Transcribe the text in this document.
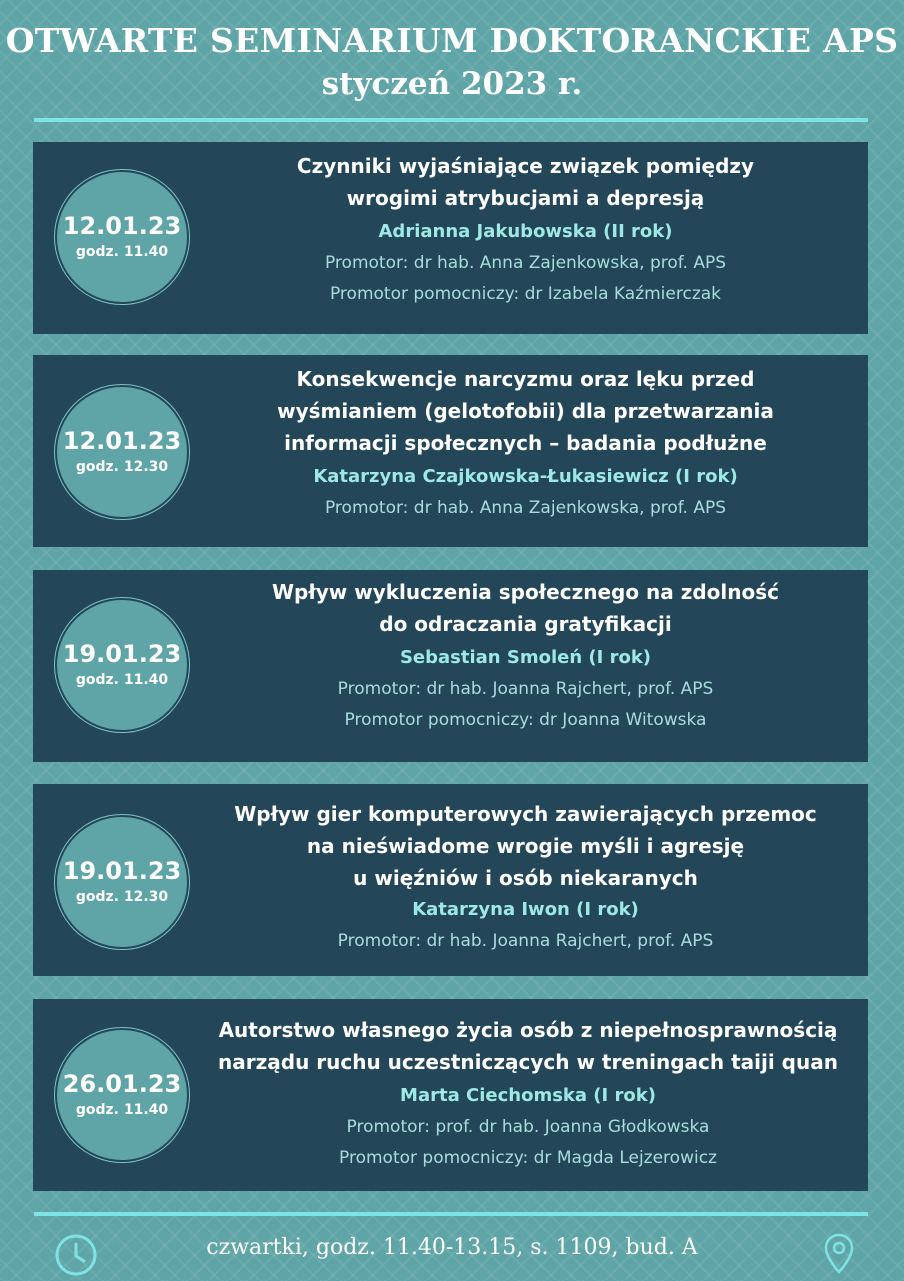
OTWARTE SEMINARIUM DOKTORANCKIE APS
styczeń 2023 r.
12.01.23
godz. 11.40
Czynniki wyjaśniające związek pomiędzy
wrogimi atrybucjami a depresją
Adrianna Jakubowska (II rok)
Promotor: dr hab. Anna Zajenkowska, prof. APS
Promotor pomocniczy: dr Izabela Kaźmierczak
12.01.23
godz. 12.30
Konsekwencje narcyzmu oraz lęku przed
wyśmianiem (gelotofobii) dla przetwarzania
informacji społecznych – badania podłużne
Katarzyna Czajkowska-Łukasiewicz (I rok)
Promotor: dr hab. Anna Zajenkowska, prof. APS
19.01.23
godz. 11.40
Wpływ wykluczenia społecznego na zdolność
do odraczania gratyfikacji
Sebastian Smoleń (I rok)
Promotor: dr hab. Joanna Rajchert, prof. APS
Promotor pomocniczy: dr Joanna Witowska
19.01.23
godz. 12.30
Wpływ gier komputerowych zawierających przemoc
na nieświadome wrogie myśli i agresję
u więźniów i osób niekaranych
Katarzyna Iwon (I rok)
Promotor: dr hab. Joanna Rajchert, prof. APS
26.01.23
godz. 11.40
Autorstwo własnego życia osób z niepełnosprawnością
narządu ruchu uczestniczących w treningach taiji quan
Marta Ciechomska (I rok)
Promotor: prof. dr hab. Joanna Głodkowska
Promotor pomocniczy: dr Magda Lejzerowicz
czwartki, godz. 11.40-13.15, s. 1109, bud. A
